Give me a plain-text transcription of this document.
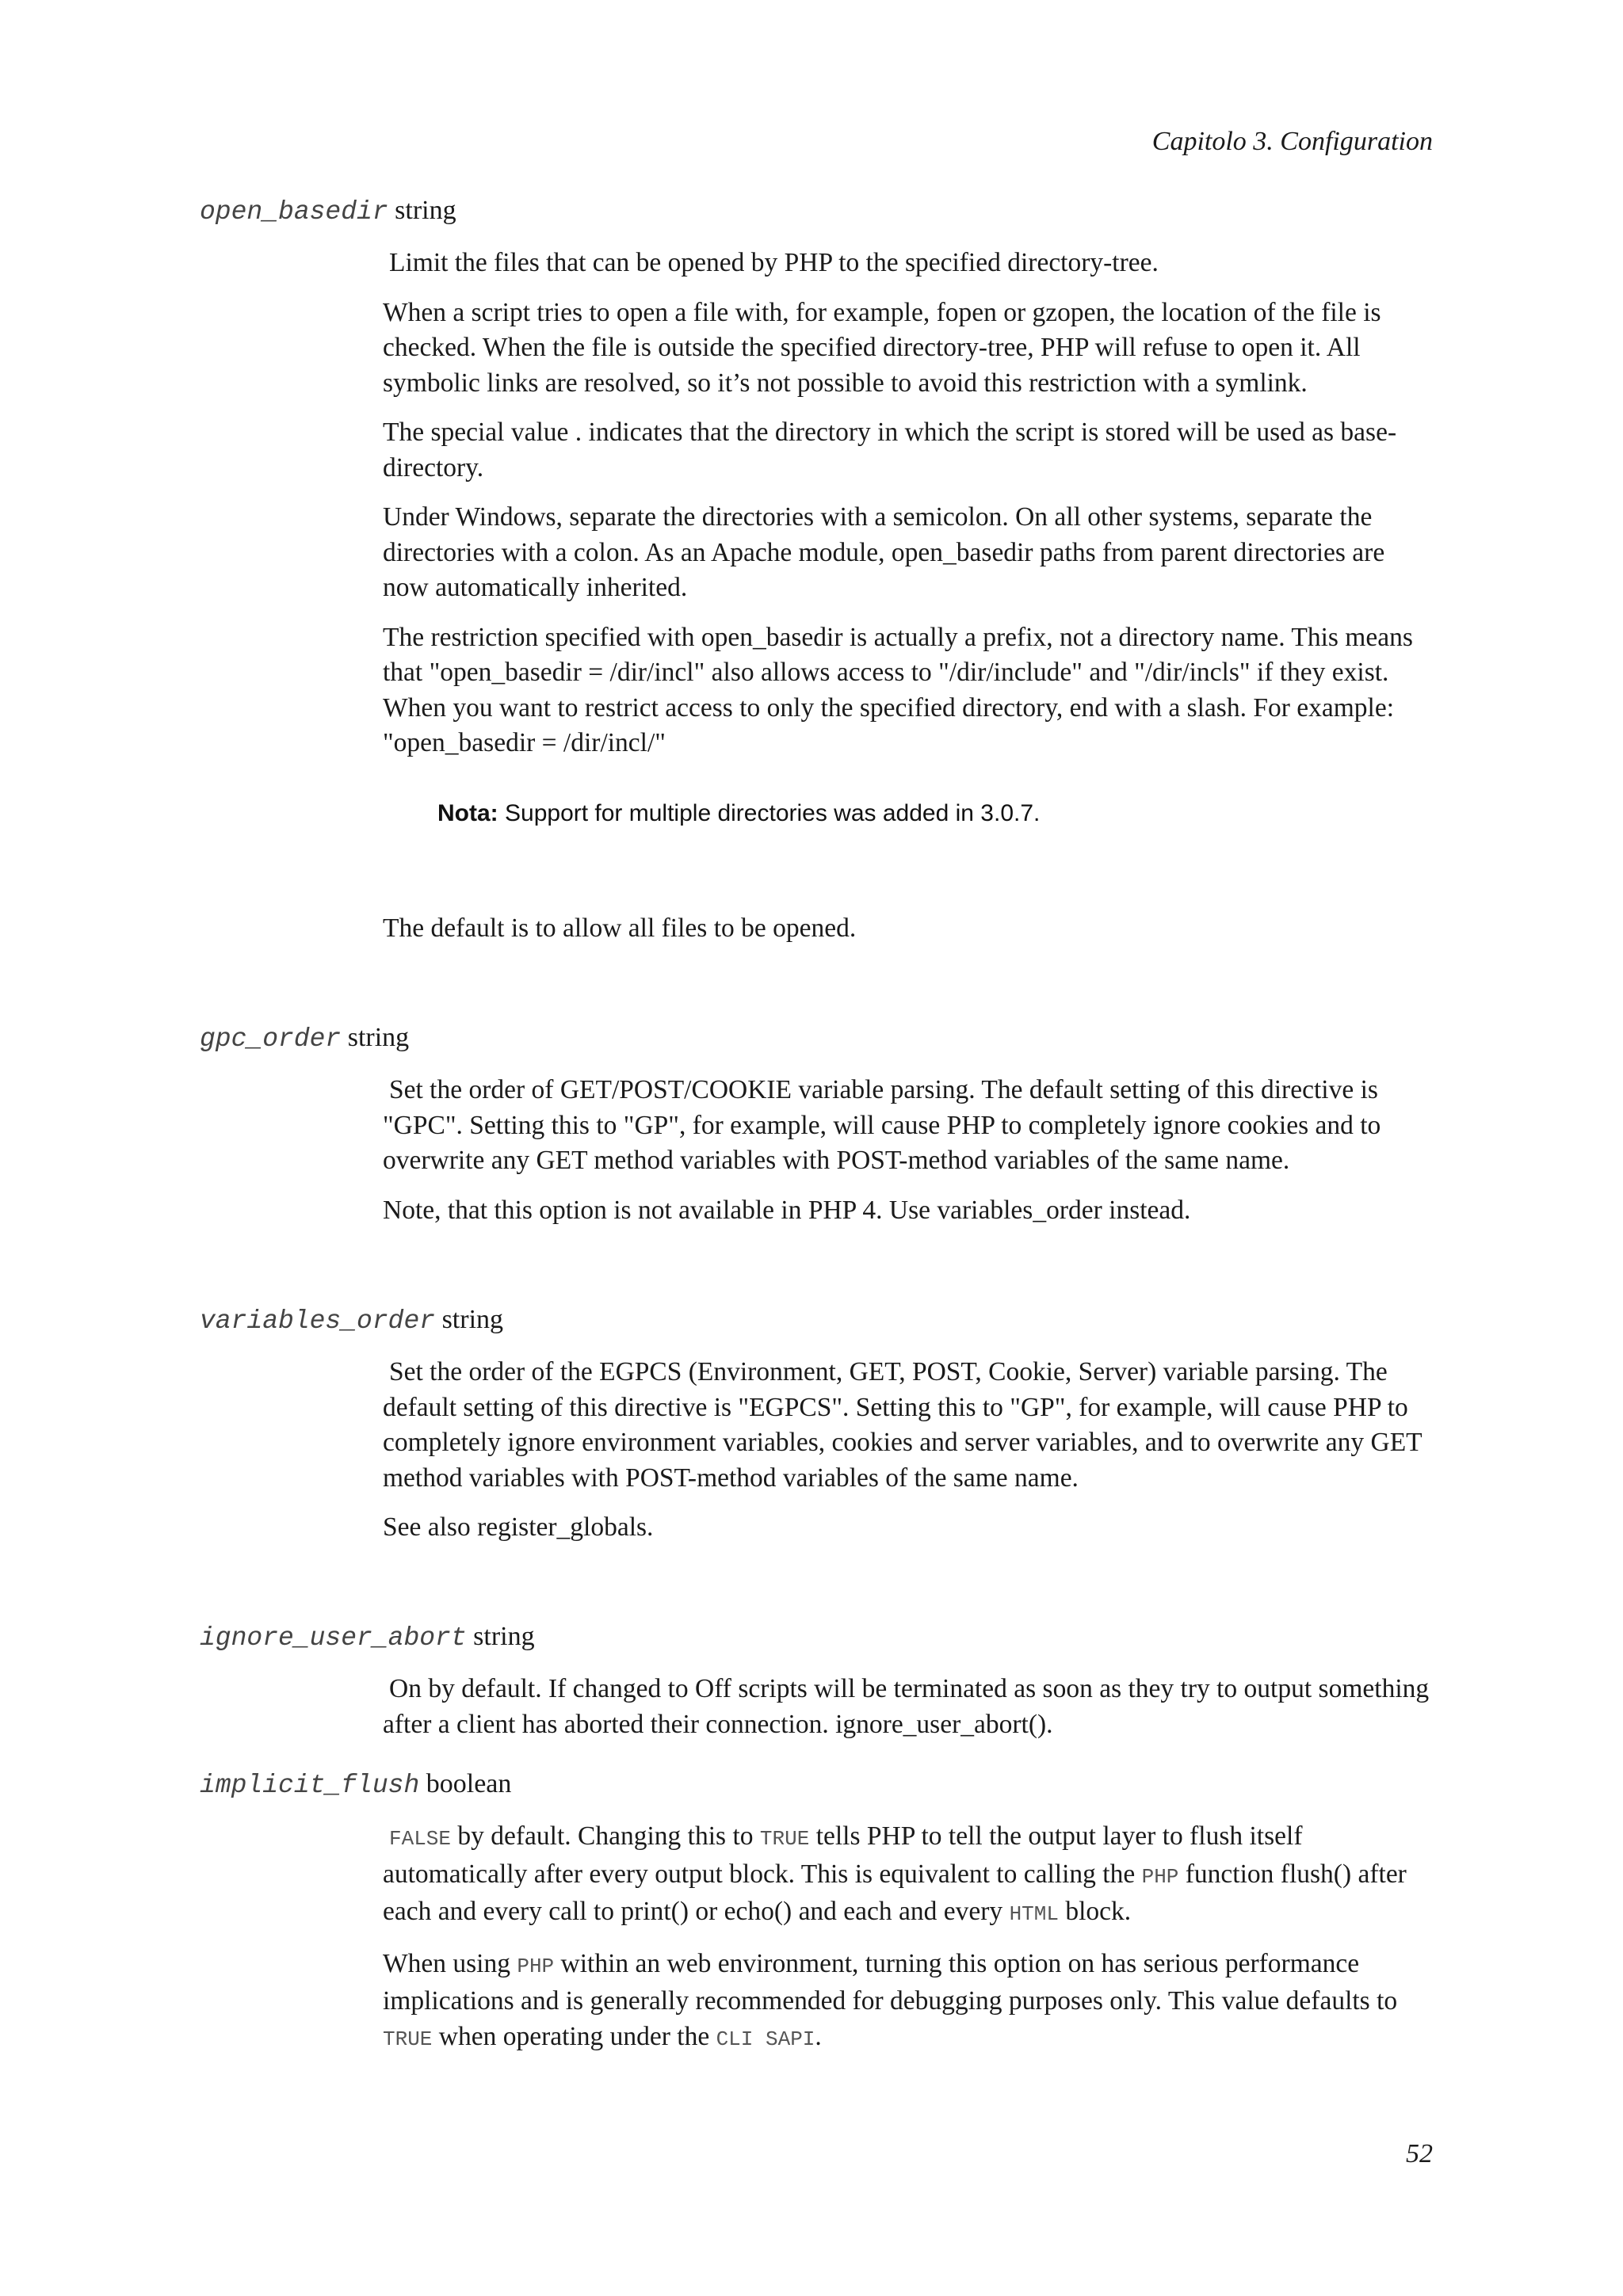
Capitolo 3. Configuration
open_basedir string

Limit the files that can be opened by PHP to the specified directory-tree.

When a script tries to open a file with, for example, fopen or gzopen, the location of the file is checked. When the file is outside the specified directory-tree, PHP will refuse to open it. All symbolic links are resolved, so it’s not possible to avoid this restriction with a symlink.

The special value . indicates that the directory in which the script is stored will be used as base-directory.

Under Windows, separate the directories with a semicolon. On all other systems, separate the directories with a colon. As an Apache module, open_basedir paths from parent directories are now automatically inherited.

The restriction specified with open_basedir is actually a prefix, not a directory name. This means that "open_basedir = /dir/incl" also allows access to "/dir/include" and "/dir/incls" if they exist. When you want to restrict access to only the specified directory, end with a slash. For example: "open_basedir = /dir/incl/"

Nota: Support for multiple directories was added in 3.0.7.

The default is to allow all files to be opened.

gpc_order string

Set the order of GET/POST/COOKIE variable parsing. The default setting of this directive is "GPC". Setting this to "GP", for example, will cause PHP to completely ignore cookies and to overwrite any GET method variables with POST-method variables of the same name.

Note, that this option is not available in PHP 4. Use variables_order instead.

variables_order string

Set the order of the EGPCS (Environment, GET, POST, Cookie, Server) variable parsing. The default setting of this directive is "EGPCS". Setting this to "GP", for example, will cause PHP to completely ignore environment variables, cookies and server variables, and to overwrite any GET method variables with POST-method variables of the same name.

See also register_globals.

ignore_user_abort string

On by default. If changed to Off scripts will be terminated as soon as they try to output something after a client has aborted their connection. ignore_user_abort().

implicit_flush boolean

FALSE by default. Changing this to TRUE tells PHP to tell the output layer to flush itself automatically after every output block. This is equivalent to calling the PHP function flush() after each and every call to print() or echo() and each and every HTML block.

When using PHP within an web environment, turning this option on has serious performance implications and is generally recommended for debugging purposes only. This value defaults to TRUE when operating under the CLI SAPI.

52
